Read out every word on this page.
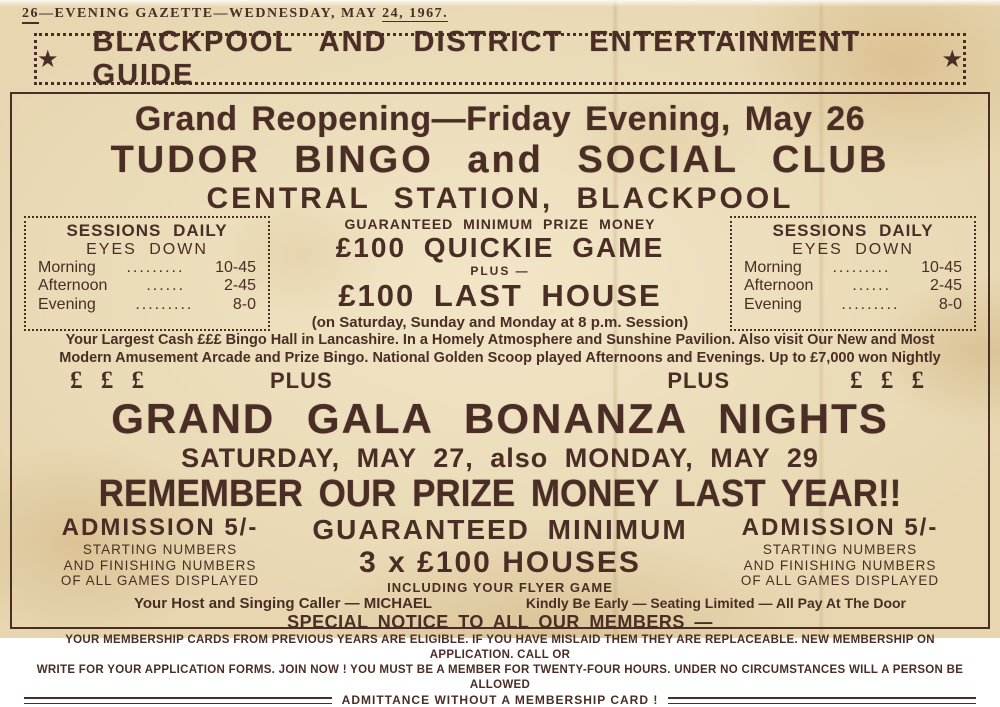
26—EVENING GAZETTE—WEDNESDAY, MAY 24, 1967.
★
BLACKPOOL AND DISTRICT ENTERTAINMENT GUIDE	★
Grand Reopening—Friday Evening, May 26
TUDOR BINGO and SOCIAL CLUB
CENTRAL STATION, BLACKPOOL
SESSIONS DAILY
EYES DOWN
Morning	.........	10-45
Afternoon	......	2-45
Evening	.........	8-0
GUARANTEED MINIMUM PRIZE MONEY
£100 QUICKIE GAME
PLUS —
£100 LAST HOUSE
(on Saturday, Sunday and Monday at 8 p.m. Session)
SESSIONS DAILY
EYES DOWN
Morning	.........	10-45
Afternoon	......	2-45
Evening	.........	8-0
Your Largest Cash £££ Bingo Hall in Lancashire. In a Homely Atmosphere and Sunshine Pavilion. Also visit Our New and Most
Modern Amusement Arcade and Prize Bingo. National Golden Scoop played Afternoons and Evenings. Up to £7,000 won Nightly
£ £ £	PLUS	PLUS	£ £ £
GRAND GALA BONANZA NIGHTS
SATURDAY, MAY 27, also MONDAY, MAY 29
REMEMBER OUR PRIZE MONEY LAST YEAR!!
ADMISSION 5/-
STARTING NUMBERS
AND FINISHING NUMBERS
OF ALL GAMES DISPLAYED
GUARANTEED MINIMUM
3 x £100 HOUSES
INCLUDING YOUR FLYER GAME
ADMISSION 5/-
STARTING NUMBERS
AND FINISHING NUMBERS
OF ALL GAMES DISPLAYED
Your Host and Singing Caller — MICHAEL	Kindly Be Early — Seating Limited — All Pay At The Door
SPECIAL NOTICE TO ALL OUR MEMBERS —
YOUR MEMBERSHIP CARDS FROM PREVIOUS YEARS ARE ELIGIBLE. IF YOU HAVE MISLAID THEM THEY ARE REPLACEABLE. NEW MEMBERSHIP ON APPLICATION. CALL OR
WRITE FOR YOUR APPLICATION FORMS. JOIN NOW ! YOU MUST BE A MEMBER FOR TWENTY-FOUR HOURS. UNDER NO CIRCUMSTANCES WILL A PERSON BE ALLOWED
ADMITTANCE WITHOUT A MEMBERSHIP CARD !
